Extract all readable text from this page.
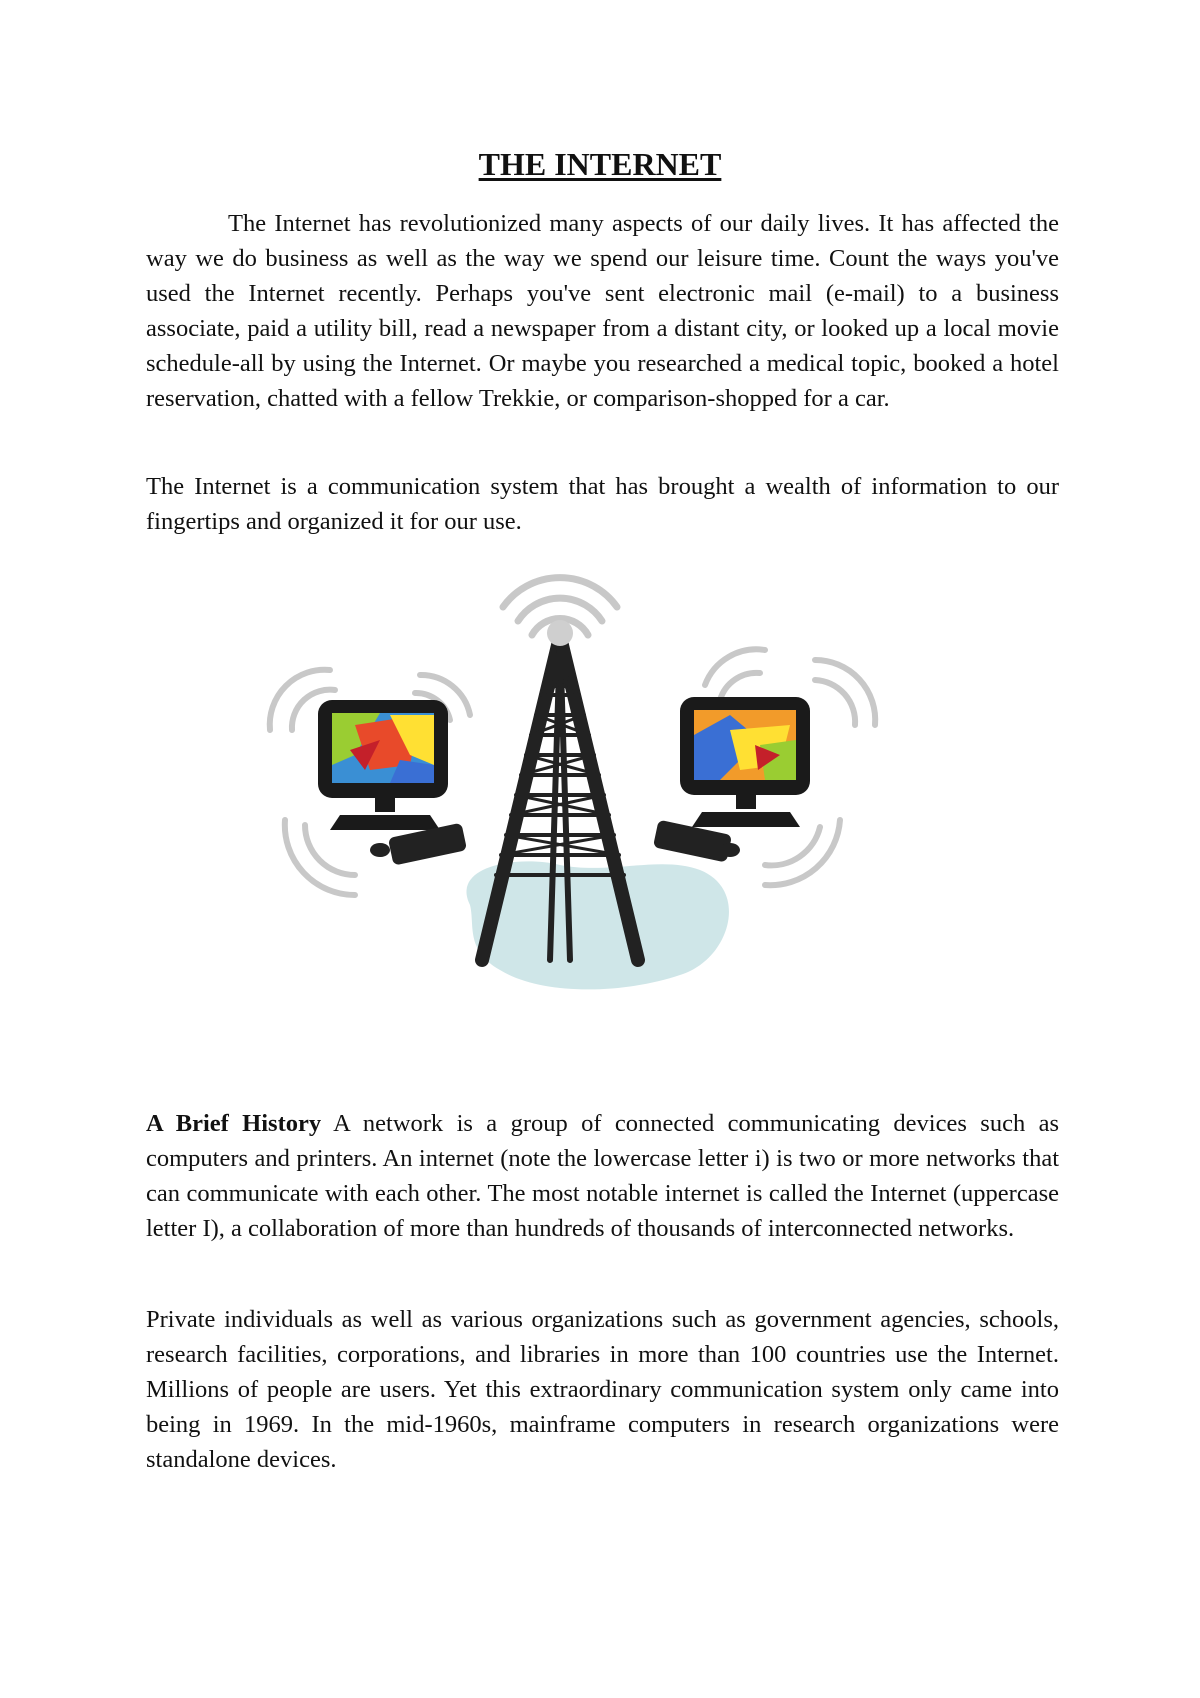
THE INTERNET

The Internet has revolutionized many aspects of our daily lives. It has affected the way we do business as well as the way we spend our leisure time. Count the ways you've used the Internet recently. Perhaps you've sent electronic mail (e-mail) to a business associate, paid a utility bill, read a newspaper from a distant city, or looked up a local movie schedule-all by using the Internet. Or maybe you researched a medical topic, booked a hotel reservation, chatted with a fellow Trekkie, or comparison-shopped for a car.

The Internet is a communication system that has brought a wealth of information to our fingertips and organized it for our use.

A Brief History A network is a group of connected communicating devices such as computers and printers. An internet (note the lowercase letter i) is two or more networks that can communicate with each other. The most notable internet is called the Internet (uppercase letter I), a collaboration of more than hundreds of thousands of interconnected networks.

Private individuals as well as various organizations such as government agencies, schools, research facilities, corporations, and libraries in more than 100 countries use the Internet. Millions of people are users. Yet this extraordinary communication system only came into being in 1969. In the mid-1960s, mainframe computers in research organizations were standalone devices.
